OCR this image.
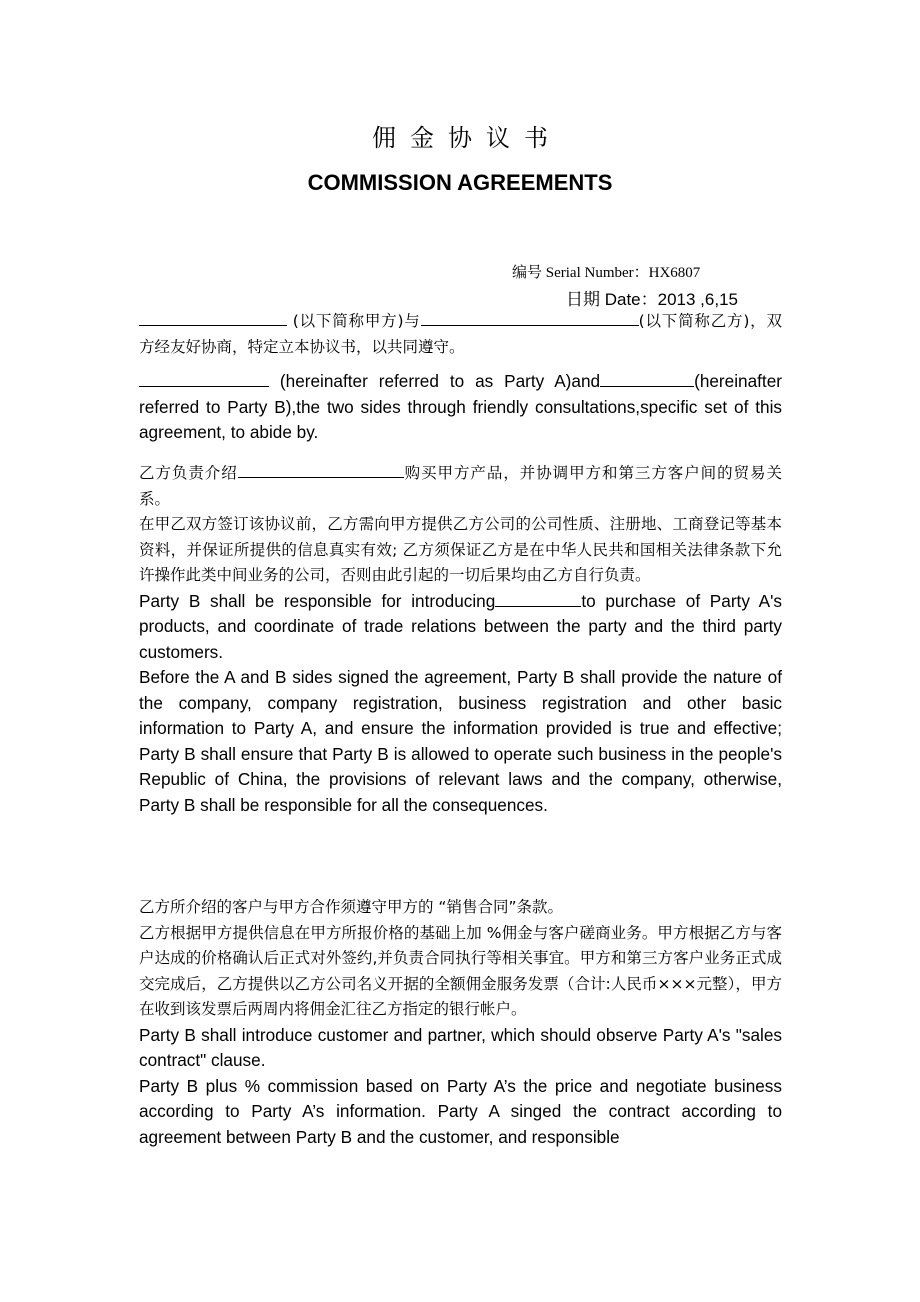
佣金协议书
COMMISSION AGREEMENTS
编号 Serial Number：HX6807
日期 Date：2013 ,6,15

(以下简称甲方)与	(以下简称乙方)，双方经友好协商，特定立本协议书，以共同遵守。

(hereinafter referred to as Party A)and	(hereinafter referred to Party B),the two sides through friendly consultations,specific set of this agreement, to abide by.

乙方负责介绍	购买甲方产品，并协调甲方和第三方客户间的贸易关系。

在甲乙双方签订该协议前，乙方需向甲方提供乙方公司的公司性质、注册地、工商登记等基本资料，并保证所提供的信息真实有效; 乙方须保证乙方是在中华人民共和国相关法律条款下允许操作此类中间业务的公司，否则由此引起的一切后果均由乙方自行负责。

Party B shall be responsible for introducing	to purchase of Party A's products, and coordinate of trade relations between the party and the third party customers.

Before the A and B sides signed the agreement, Party B shall provide the nature of the company, company registration, business registration and other basic information to Party A, and ensure the information provided is true and effective; Party B shall ensure that Party B is allowed to operate such business in the people's Republic of China, the provisions of relevant laws and the company, otherwise, Party B shall be responsible for all the consequences.

乙方所介绍的客户与甲方合作须遵守甲方的 “销售合同”条款。

乙方根据甲方提供信息在甲方所报价格的基础上加 %佣金与客户磋商业务。甲方根据乙方与客户达成的价格确认后正式对外签约,并负责合同执行等相关事宜。甲方和第三方客户业务正式成交完成后，乙方提供以乙方公司名义开据的全额佣金服务发票（合计:人民币×××元整），甲方在收到该发票后两周内将佣金汇往乙方指定的银行帐户。

Party B shall introduce customer and partner, which should observe Party A's "sales contract" clause.

Party B plus % commission based on Party A’s the price and negotiate business according to Party A’s information. Party A singed the contract according to agreement between Party B and the customer, and responsible
